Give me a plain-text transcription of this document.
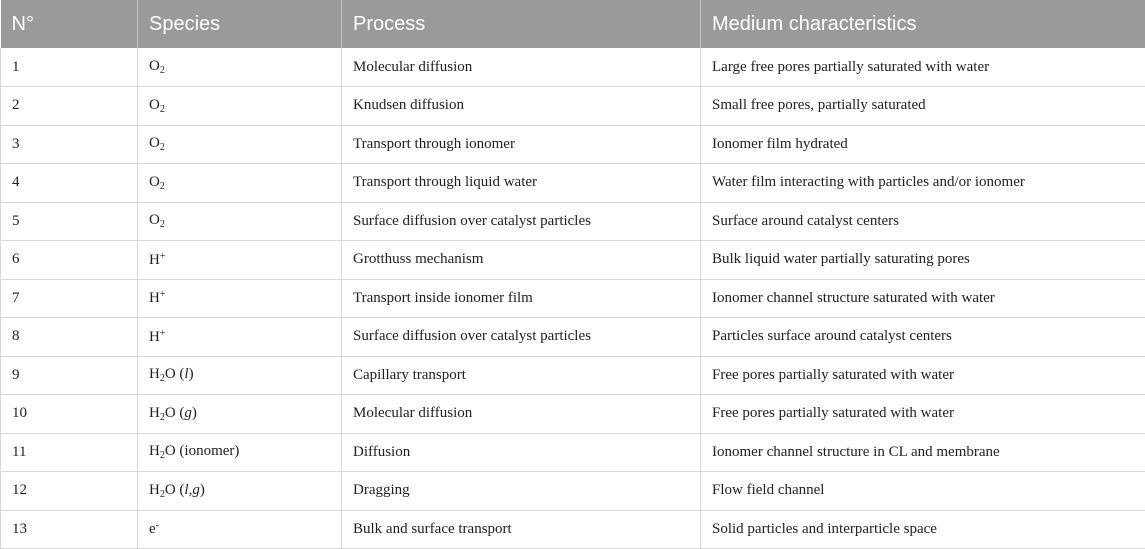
N°	Species	Process	Medium characteristics
1	$O_2$	Molecular diffusion	Large free pores partially saturated with water
2	$O_2$	Knudsen diffusion	Small free pores, partially saturated
3	$O_2$	Transport through ionomer	Ionomer film hydrated
4	$O_2$	Transport through liquid water	Water film interacting with particles and/or ionomer
5	$O_2$	Surface diffusion over catalyst particles	Surface around catalyst centers
6	H+	Grotthuss mechanism	Bulk liquid water partially saturating pores
7	H+	Transport inside ionomer film	Ionomer channel structure saturated with water
8	H+	Surface diffusion over catalyst particles	Particles surface around catalyst centers
9	$H_2O$ (l)	Capillary transport	Free pores partially saturated with water
10	$H_2O$ (g)	Molecular diffusion	Free pores partially saturated with water
11	$H_2O$ (ionomer)	Diffusion	Ionomer channel structure in CL and membrane
12	$H_2O$ (l,g)	Dragging	Flow field channel
13	e-	Bulk and surface transport	Solid particles and interparticle space
